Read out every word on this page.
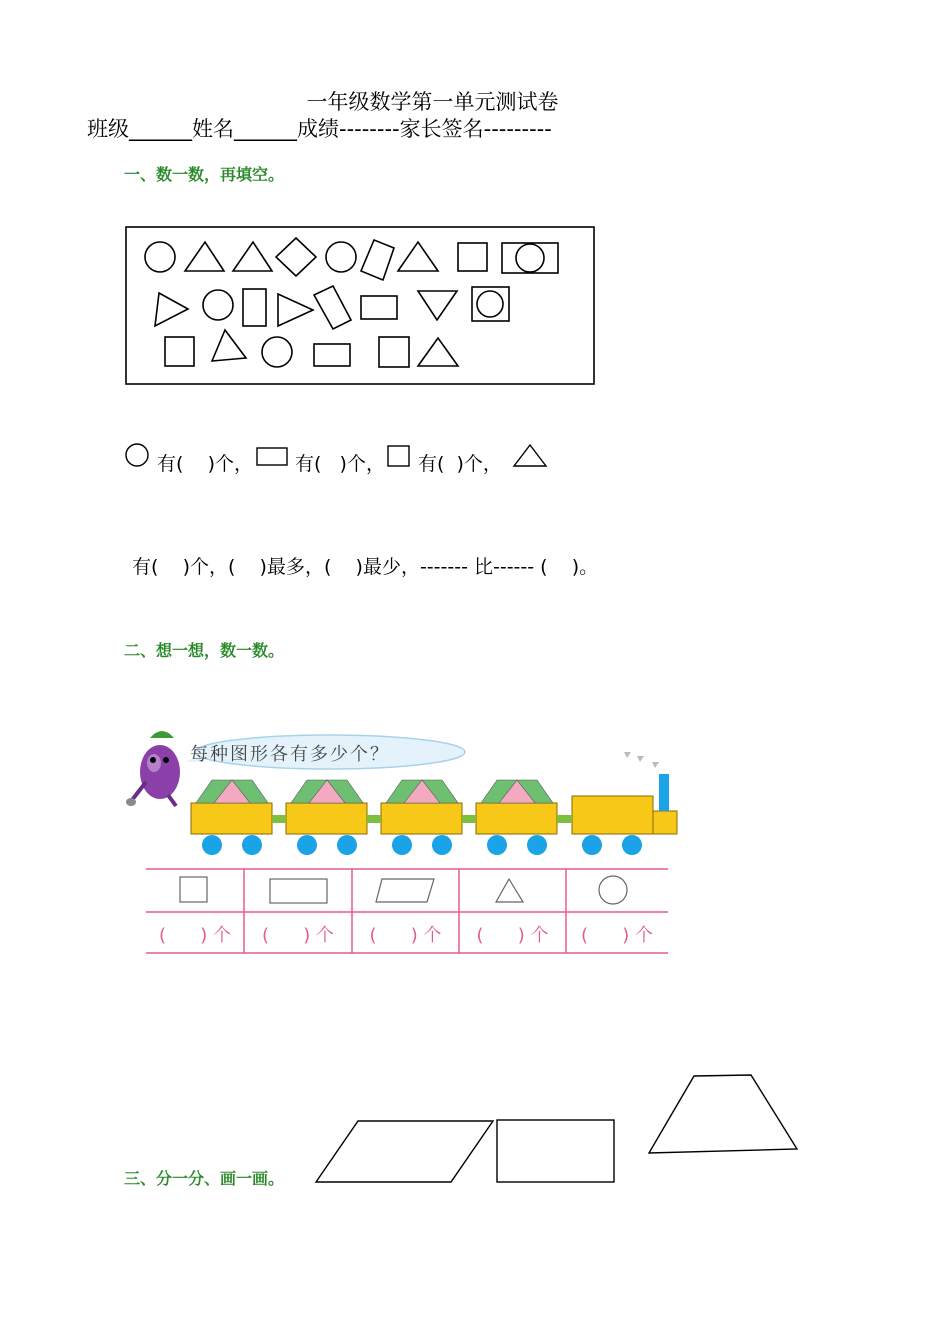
一年级数学第一单元测试卷
班级______姓名______成绩--------家长签名---------
一、数一数，再填空。
有(    )个， 有(   )个， 有(  )个，
有(    )个，(    )最多，(    )最少，------- 比------ (    )。
二、想一想，数一数。
(      ) 个	(      ) 个	(      ) 个	(      ) 个	(      ) 个
每种图形各有多少个？
三、分一分、画一画。
